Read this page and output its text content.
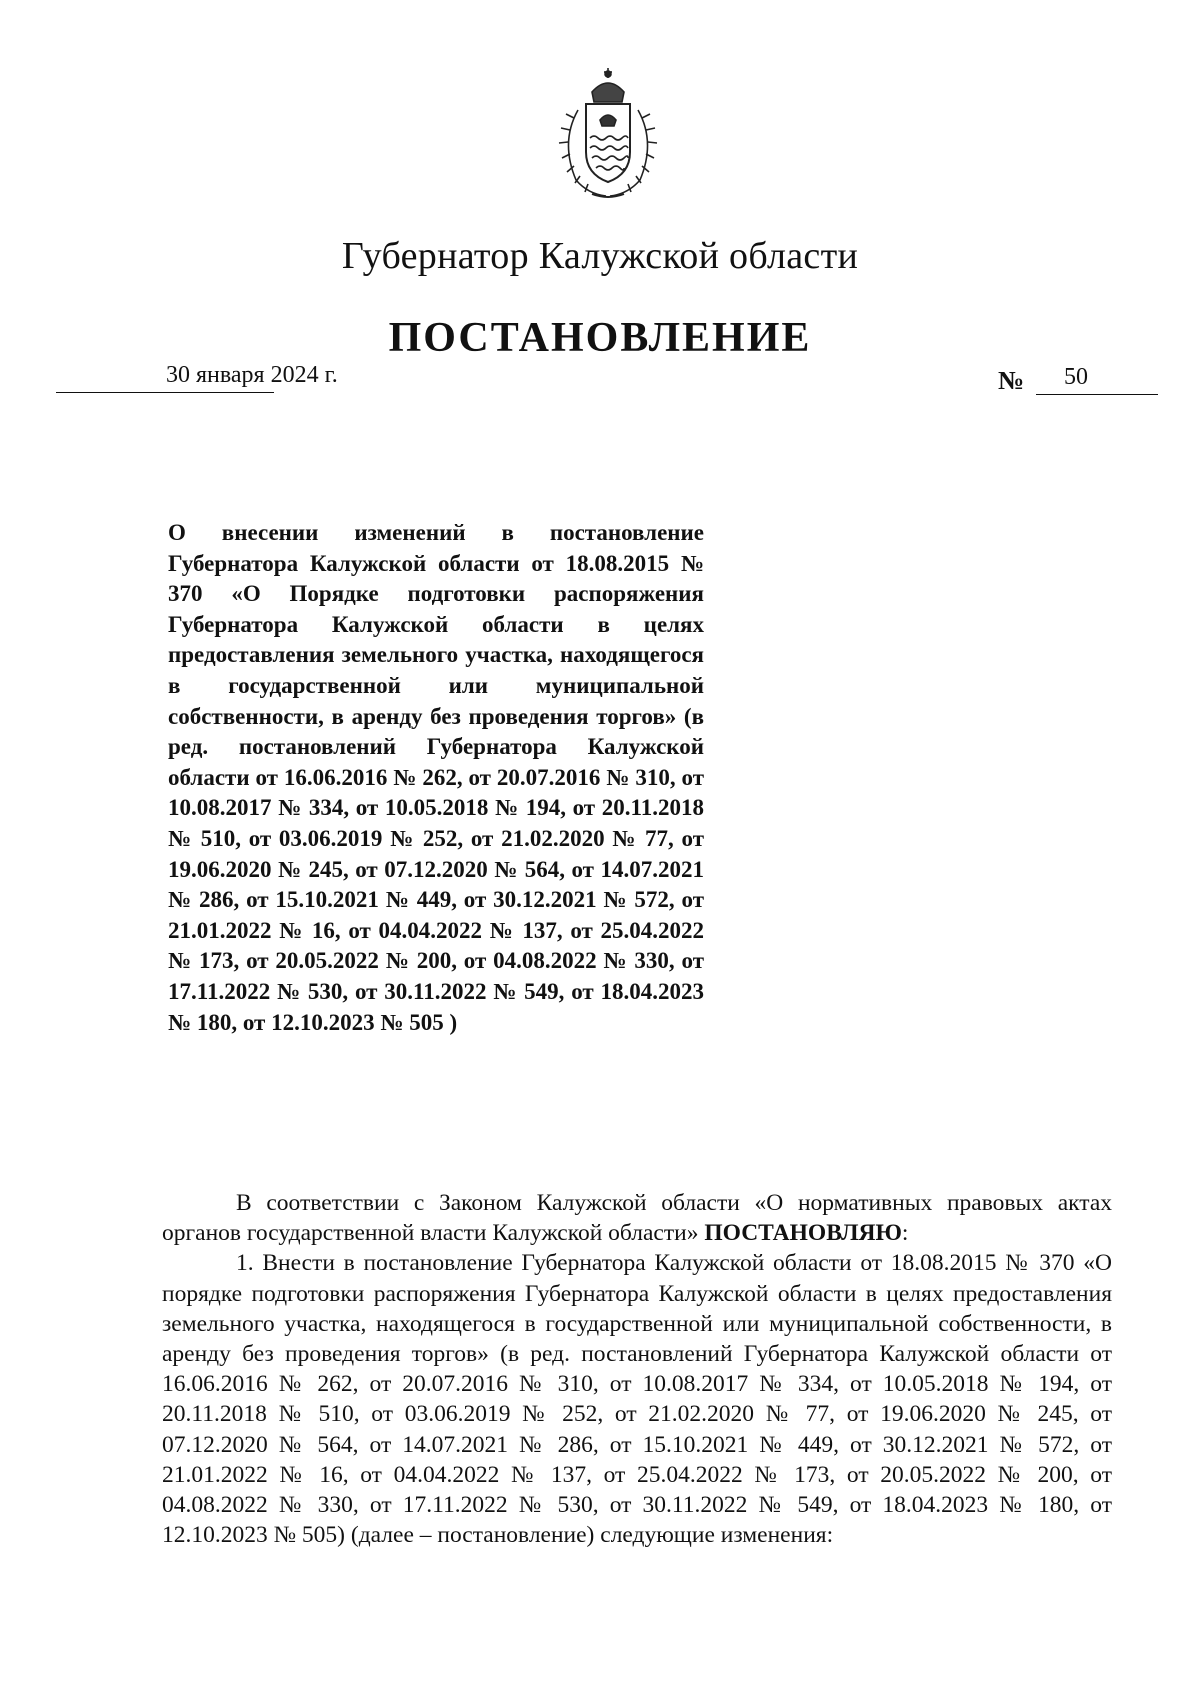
Губернатор Калужской области
ПОСТАНОВЛЕНИЕ
30 января 2024 г.	№ 50
О внесении изменений в постановление Губернатора Калужской области от 18.08.2015 № 370 «О Порядке подготовки распоряжения Губернатора Калужской области в целях предоставления земельного участка, находящегося в государственной или муниципальной собственности, в аренду без проведения торгов» (в ред. постановлений Губернатора Калужской области от 16.06.2016 № 262, от 20.07.2016 № 310, от 10.08.2017 № 334, от 10.05.2018 № 194, от 20.11.2018 № 510, от 03.06.2019 № 252, от 21.02.2020 № 77, от 19.06.2020 № 245, от 07.12.2020 № 564, от 14.07.2021 № 286, от 15.10.2021 № 449, от 30.12.2021 № 572, от 21.01.2022 № 16, от 04.04.2022 № 137, от 25.04.2022 № 173, от 20.05.2022 № 200, от 04.08.2022 № 330, от 17.11.2022 № 530, от 30.11.2022 № 549, от 18.04.2023 № 180, от 12.10.2023 № 505 )

В соответствии с Законом Калужской области «О нормативных правовых актах органов государственной власти Калужской области» ПОСТАНОВЛЯЮ:

1. Внести в постановление Губернатора Калужской области от 18.08.2015 № 370 «О порядке подготовки распоряжения Губернатора Калужской области в целях предоставления земельного участка, находящегося в государственной или муниципальной собственности, в аренду без проведения торгов» (в ред. постановлений Губернатора Калужской области от 16.06.2016 № 262, от 20.07.2016 № 310, от 10.08.2017 № 334, от 10.05.2018 № 194, от 20.11.2018 № 510, от 03.06.2019 № 252, от 21.02.2020 № 77, от 19.06.2020 № 245, от 07.12.2020 № 564, от 14.07.2021 № 286, от 15.10.2021 № 449, от 30.12.2021 № 572, от 21.01.2022 № 16, от 04.04.2022 № 137, от 25.04.2022 № 173, от 20.05.2022 № 200, от 04.08.2022 № 330, от 17.11.2022 № 530, от 30.11.2022 № 549, от 18.04.2023 № 180, от 12.10.2023 № 505) (далее – постановление) следующие изменения:
